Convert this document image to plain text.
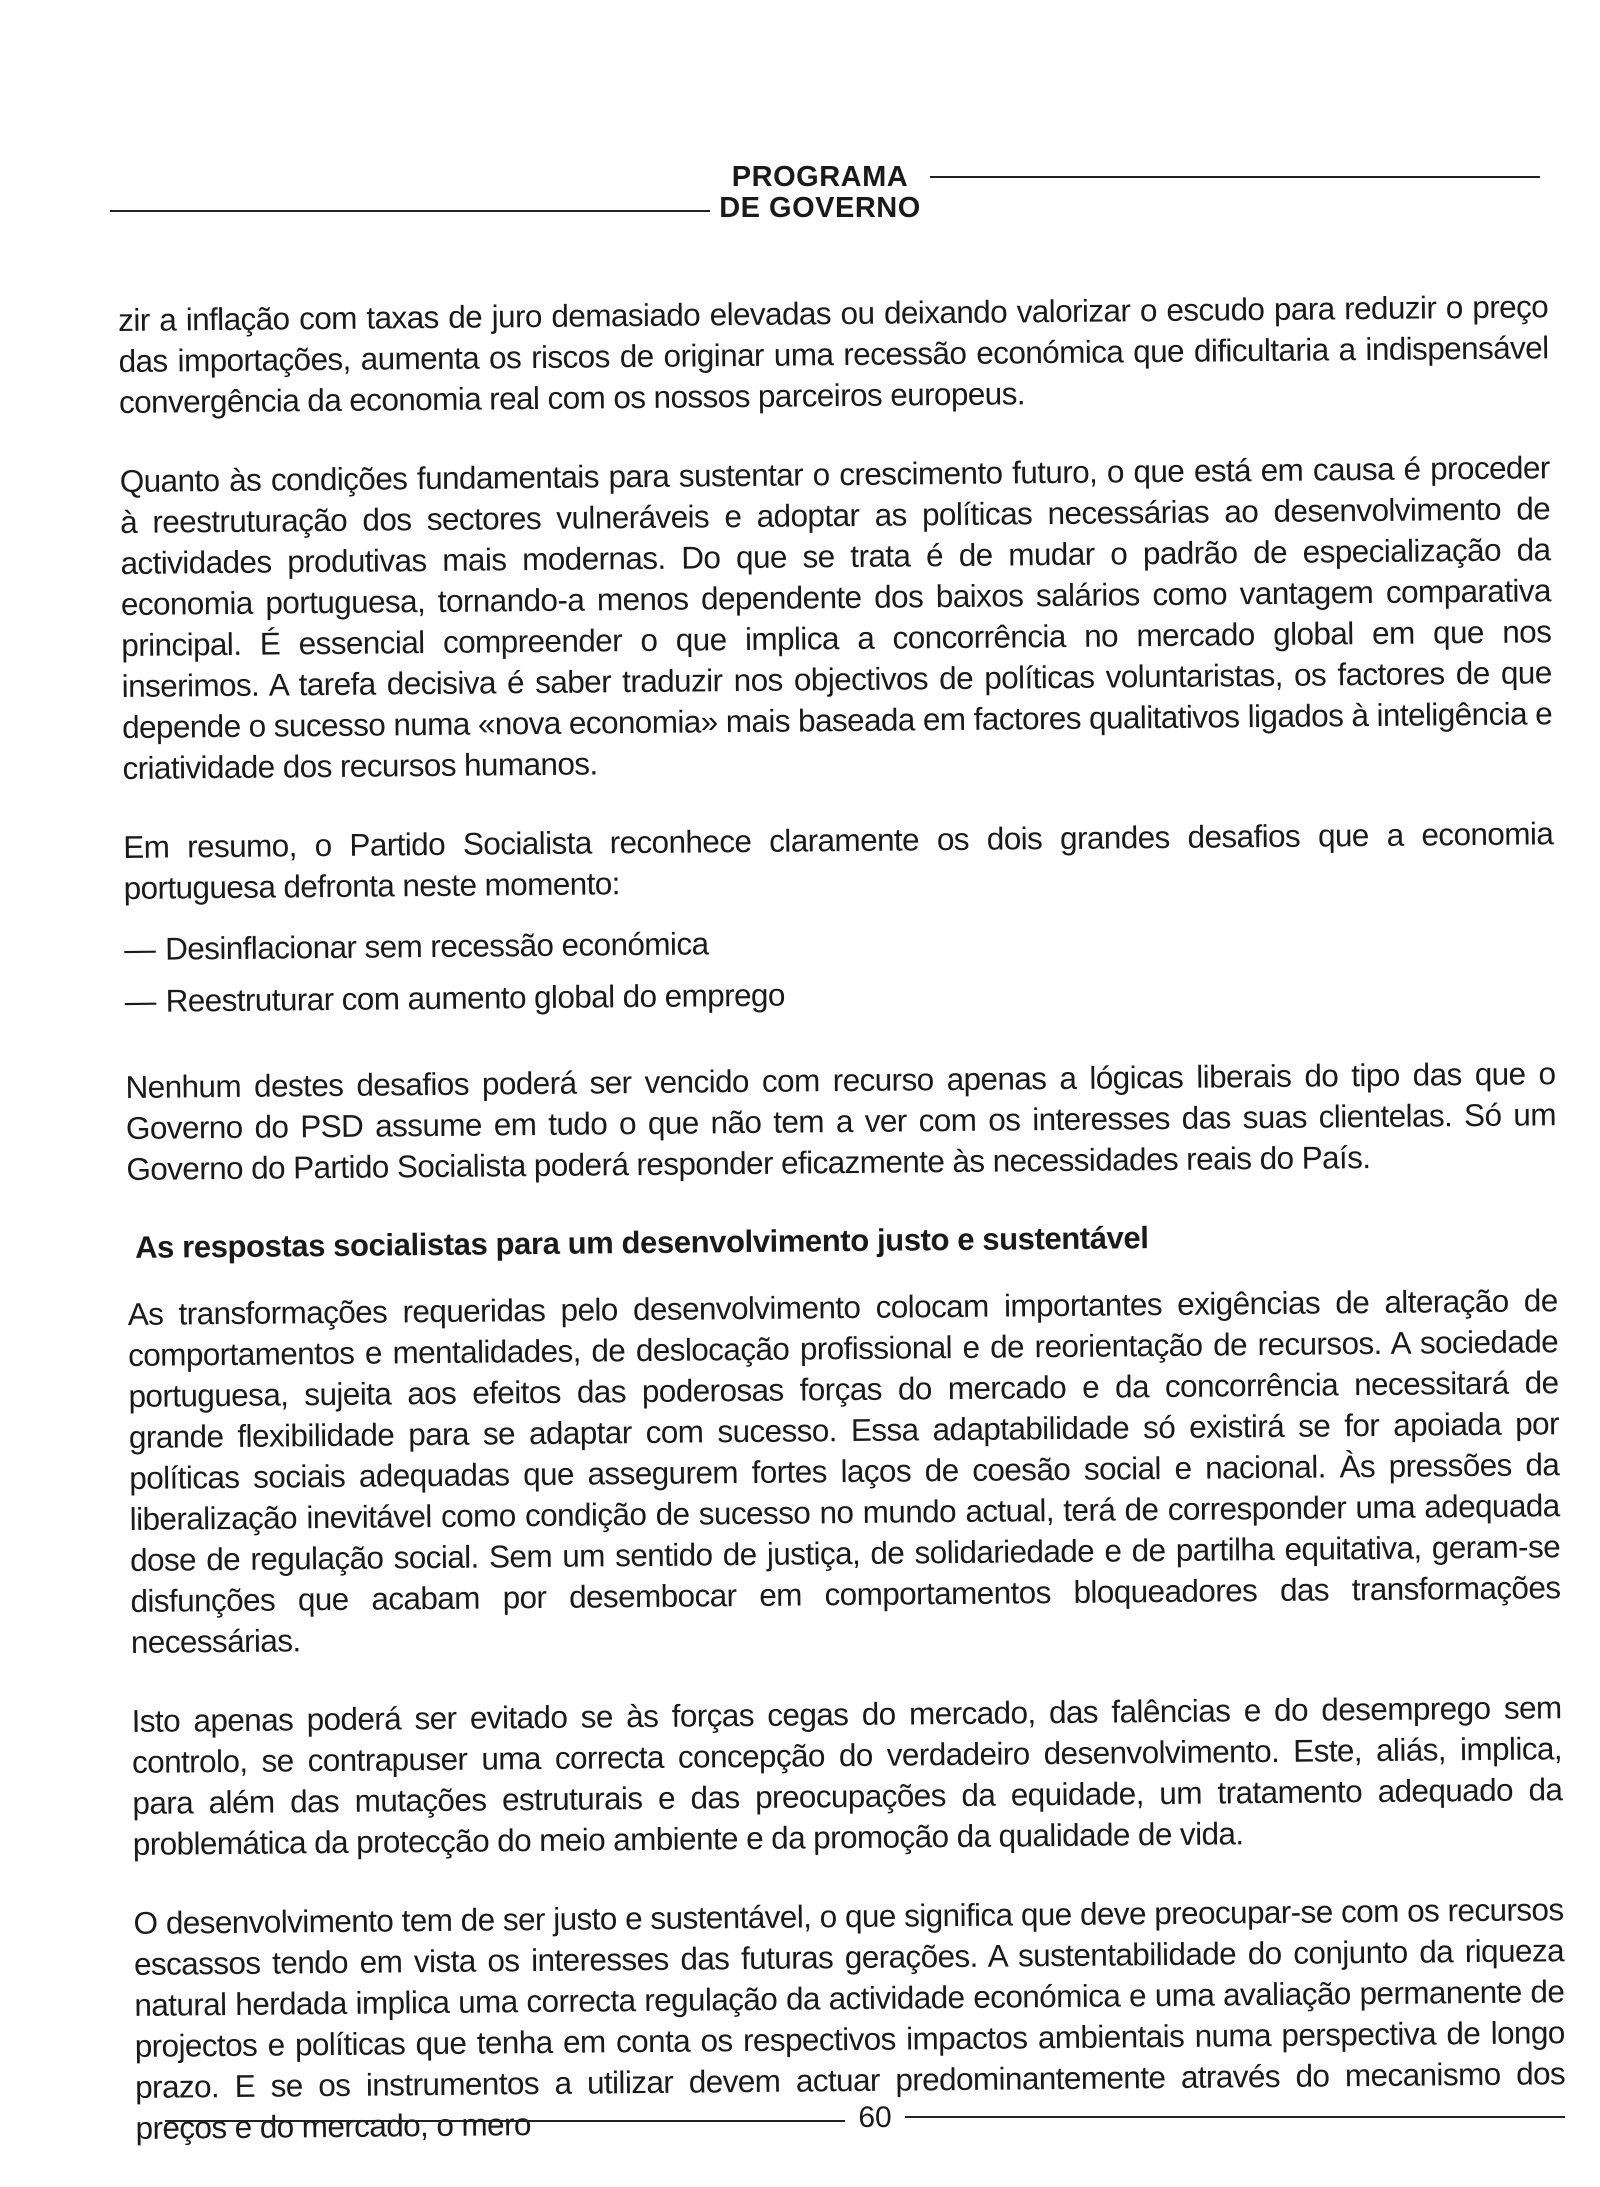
PROGRAMA
DE GOVERNO

zir a inflação com taxas de juro demasiado elevadas ou deixando valorizar o escudo para reduzir o preço das importações, aumenta os riscos de originar uma recessão económica que dificultaria a indispensável convergência da economia real com os nossos parceiros europeus.

Quanto às condições fundamentais para sustentar o crescimento futuro, o que está em causa é proceder à reestruturação dos sectores vulneráveis e adoptar as políticas necessárias ao desenvolvimento de actividades produtivas mais modernas. Do que se trata é de mudar o padrão de especialização da economia portuguesa, tornando-a menos dependente dos baixos salários como vantagem comparativa principal. É essencial compreender o que implica a concorrência no mercado global em que nos inserimos. A tarefa decisiva é saber traduzir nos objectivos de políticas voluntaristas, os factores de que depende o sucesso numa «nova economia» mais baseada em factores qualitativos ligados à inteligência e criatividade dos recursos humanos.

Em resumo, o Partido Socialista reconhece claramente os dois grandes desafios que a economia portuguesa defronta neste momento:

— Desinflacionar sem recessão económica
— Reestruturar com aumento global do emprego

Nenhum destes desafios poderá ser vencido com recurso apenas a lógicas liberais do tipo das que o Governo do PSD assume em tudo o que não tem a ver com os interesses das suas clientelas. Só um Governo do Partido Socialista poderá responder eficazmente às necessidades reais do País.

As respostas socialistas para um desenvolvimento justo e sustentável

As transformações requeridas pelo desenvolvimento colocam importantes exigências de alteração de comportamentos e mentalidades, de deslocação profissional e de reorientação de recursos. A sociedade portuguesa, sujeita aos efeitos das poderosas forças do mercado e da concorrência necessitará de grande flexibilidade para se adaptar com sucesso. Essa adaptabilidade só existirá se for apoiada por políticas sociais adequadas que assegurem fortes laços de coesão social e nacional. Às pressões da liberalização inevitável como condição de sucesso no mundo actual, terá de corresponder uma adequada dose de regulação social. Sem um sentido de justiça, de solidariedade e de partilha equitativa, geram-se disfunções que acabam por desembocar em comportamentos bloqueadores das transformações necessárias.

Isto apenas poderá ser evitado se às forças cegas do mercado, das falências e do desemprego sem controlo, se contrapuser uma correcta concepção do verdadeiro desenvolvimento. Este, aliás, implica, para além das mutações estruturais e das preocupações da equidade, um tratamento adequado da problemática da protecção do meio ambiente e da promoção da qualidade de vida.

O desenvolvimento tem de ser justo e sustentável, o que significa que deve preocupar-se com os recursos escassos tendo em vista os interesses das futuras gerações. A sustentabilidade do conjunto da riqueza natural herdada implica uma correcta regulação da actividade económica e uma avaliação permanente de projectos e políticas que tenha em conta os respectivos impactos ambientais numa perspectiva de longo prazo. E se os instrumentos a utilizar devem actuar predominantemente através do mecanismo dos preços e do mercado, o mero	60
